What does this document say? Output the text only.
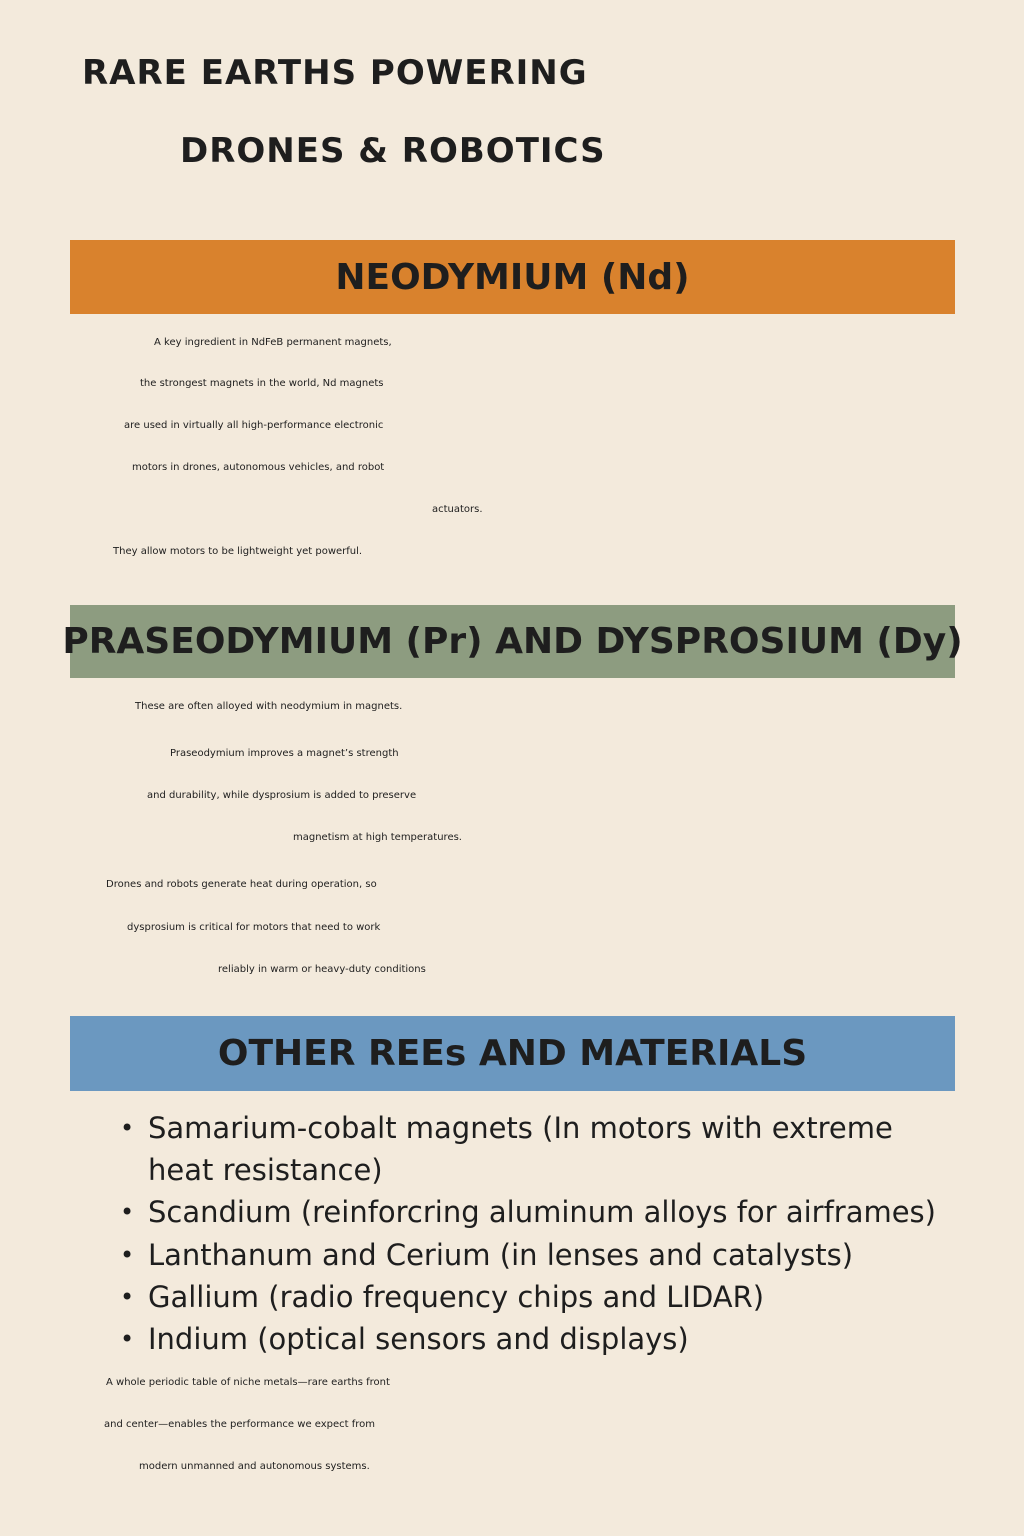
RARE EARTHS POWERING
DRONES & ROBOTICS
NEODYMIUM (Nd)

A key ingredient in NdFeB permanent magnets,

the strongest magnets in the world, Nd magnets

are used in virtually all high-performance electronic

motors in drones, autonomous vehicles, and robot

actuators.

They allow motors to be lightweight yet powerful.

PRASEODYMIUM (Pr) AND DYSPROSIUM (Dy)

These are often alloyed with neodymium in magnets.

Praseodymium improves a magnet’s strength

and durability, while dysprosium is added to preserve

magnetism at high temperatures.

Drones and robots generate heat during operation, so

dysprosium is critical for motors that need to work

reliably in warm or heavy-duty conditions

OTHER REEs AND MATERIALS
• Samarium-cobalt magnets (In motors with extreme
heat resistance)
• Scandium (reinforcring aluminum alloys for airframes)
• Lanthanum and Cerium (in lenses and catalysts)
• Gallium (radio frequency chips and LIDAR)
• Indium (optical sensors and displays)

A whole periodic table of niche metals—rare earths front

and center—enables the performance we expect from

modern unmanned and autonomous systems.
